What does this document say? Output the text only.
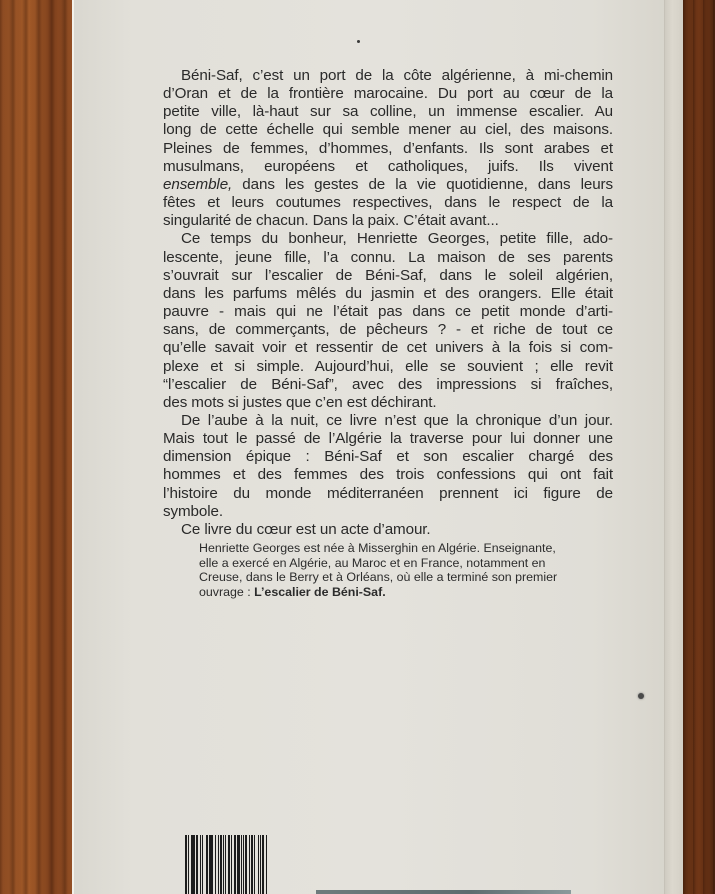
Béni-Saf, c’est un port de la côte algérienne, à mi-chemin
d’Oran et de la frontière marocaine. Du port au cœur de la
petite ville, là-haut sur sa colline, un immense escalier. Au
long de cette échelle qui semble mener au ciel, des maisons.
Pleines de femmes, d’hommes, d’enfants. Ils sont arabes et
musulmans, européens et catholiques, juifs. Ils vivent
ensemble, dans les gestes de la vie quotidienne, dans leurs
fêtes et leurs coutumes respectives, dans le respect de la
singularité de chacun. Dans la paix. C’était avant...

Ce temps du bonheur, Henriette Georges, petite fille, ado-
lescente, jeune fille, l’a connu. La maison de ses parents
s’ouvrait sur l’escalier de Béni-Saf, dans le soleil algérien,
dans les parfums mêlés du jasmin et des orangers. Elle était
pauvre - mais qui ne l’était pas dans ce petit monde d’arti-
sans, de commerçants, de pêcheurs ? - et riche de tout ce
qu’elle savait voir et ressentir de cet univers à la fois si com-
plexe et si simple. Aujourd’hui, elle se souvient ; elle revit
“l’escalier de Béni-Saf”, avec des impressions si fraîches,
des mots si justes que c’en est déchirant.

De l’aube à la nuit, ce livre n’est que la chronique d’un jour.
Mais tout le passé de l’Algérie la traverse pour lui donner une
dimension épique : Béni-Saf et son escalier chargé des
hommes et des femmes des trois confessions qui ont fait
l’histoire du monde méditerranéen prennent ici figure de
symbole.

Ce livre du cœur est un acte d’amour.

Henriette Georges est née à Misserghin en Algérie. Enseignante,
elle a exercé en Algérie, au Maroc et en France, notamment en
Creuse, dans le Berry et à Orléans, où elle a terminé son premier
ouvrage : L’escalier de Béni-Saf.
